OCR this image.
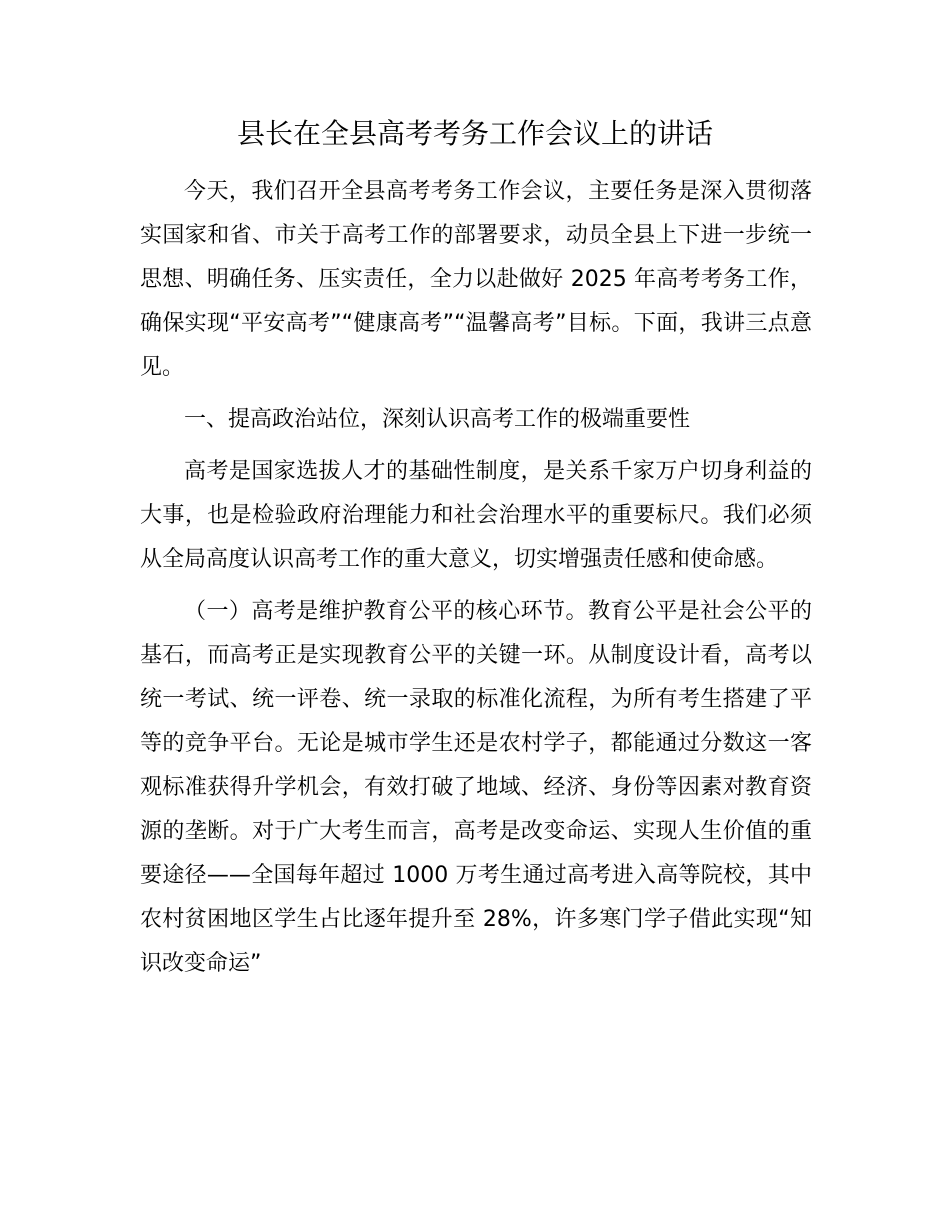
县长在全县高考考务工作会议上的讲话

今天，我们召开全县高考考务工作会议，主要任务是深入贯彻落实国家和省、市关于高考工作的部署要求，动员全县上下进一步统一思想、明确任务、压实责任，全力以赴做好 2025 年高考考务工作，确保实现“平安高考”“健康高考”“温馨高考”目标。下面，我讲三点意见。

一、提高政治站位，深刻认识高考工作的极端重要性

高考是国家选拔人才的基础性制度，是关系千家万户切身利益的大事，也是检验政府治理能力和社会治理水平的重要标尺。我们必须从全局高度认识高考工作的重大意义，切实增强责任感和使命感。

（一）高考是维护教育公平的核心环节。教育公平是社会公平的基石，而高考正是实现教育公平的关键一环。从制度设计看，高考以统一考试、统一评卷、统一录取的标准化流程，为所有考生搭建了平等的竞争平台。无论是城市学生还是农村学子，都能通过分数这一客观标准获得升学机会，有效打破了地域、经济、身份等因素对教育资源的垄断。对于广大考生而言，高考是改变命运、实现人生价值的重要途径——全国每年超过 1000 万考生通过高考进入高等院校，其中农村贫困地区学生占比逐年提升至 28%，许多寒门学子借此实现“知识改变命运”
